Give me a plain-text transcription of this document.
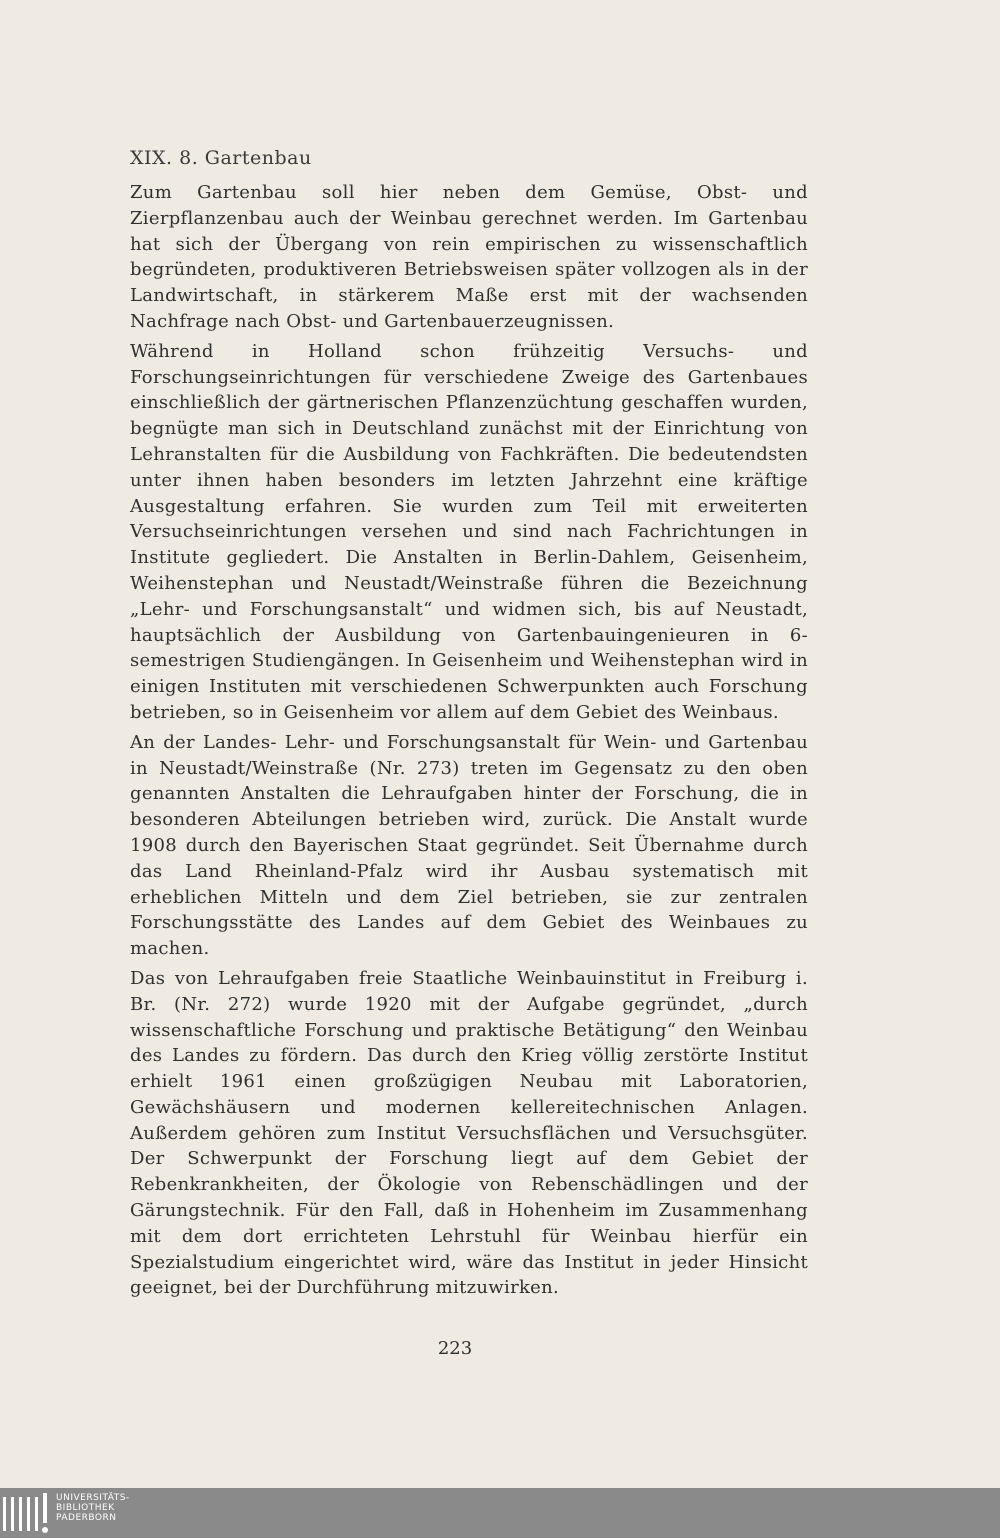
XIX. 8. Gartenbau

Zum Gartenbau soll hier neben dem Gemüse, Obst- und Zierpflanzenbau auch der Weinbau gerechnet werden. Im Gartenbau hat sich der Übergang von rein empirischen zu wissenschaftlich begründeten, produktiveren Betriebsweisen später vollzogen als in der Landwirtschaft, in stärkerem Maße erst mit der wachsenden Nachfrage nach Obst- und Gartenbauerzeugnissen.

Während in Holland schon frühzeitig Versuchs- und Forschungseinrichtungen für verschiedene Zweige des Gartenbaues einschließlich der gärtnerischen Pflanzenzüchtung geschaffen wurden, begnügte man sich in Deutschland zunächst mit der Einrichtung von Lehranstalten für die Ausbildung von Fachkräften. Die bedeutendsten unter ihnen haben besonders im letzten Jahrzehnt eine kräftige Ausgestaltung erfahren. Sie wurden zum Teil mit erweiterten Versuchseinrichtungen versehen und sind nach Fachrichtungen in Institute gegliedert. Die Anstalten in Berlin-Dahlem, Geisenheim, Weihenstephan und Neustadt/Weinstraße führen die Bezeichnung „Lehr- und Forschungsanstalt“ und widmen sich, bis auf Neustadt, hauptsächlich der Ausbildung von Gartenbauingenieuren in 6-semestrigen Studiengängen. In Geisenheim und Weihenstephan wird in einigen Instituten mit verschiedenen Schwerpunkten auch Forschung betrieben, so in Geisenheim vor allem auf dem Gebiet des Weinbaus.

An der Landes- Lehr- und Forschungsanstalt für Wein- und Gartenbau in Neustadt/Weinstraße (Nr. 273) treten im Gegensatz zu den oben genannten Anstalten die Lehraufgaben hinter der Forschung, die in besonderen Abteilungen betrieben wird, zurück. Die Anstalt wurde 1908 durch den Bayerischen Staat gegründet. Seit Übernahme durch das Land Rheinland-Pfalz wird ihr Ausbau systematisch mit erheblichen Mitteln und dem Ziel betrieben, sie zur zentralen Forschungsstätte des Landes auf dem Gebiet des Weinbaues zu machen.

Das von Lehraufgaben freie Staatliche Weinbauinstitut in Freiburg i. Br. (Nr. 272) wurde 1920 mit der Aufgabe gegründet, „durch wissenschaftliche Forschung und praktische Betätigung“ den Weinbau des Landes zu fördern. Das durch den Krieg völlig zerstörte Institut erhielt 1961 einen großzügigen Neubau mit Laboratorien, Gewächshäusern und modernen kellereitechnischen Anlagen. Außerdem gehören zum Institut Versuchsflächen und Versuchsgüter. Der Schwerpunkt der Forschung liegt auf dem Gebiet der Rebenkrankheiten, der Ökologie von Rebenschädlingen und der Gärungstechnik. Für den Fall, daß in Hohenheim im Zusammenhang mit dem dort errichteten Lehrstuhl für Weinbau hierfür ein Spezialstudium eingerichtet wird, wäre das Institut in jeder Hinsicht geeignet, bei der Durchführung mitzuwirken.

223
UNIVERSITÄTS-
BIBLIOTHEK
PADERBORN
